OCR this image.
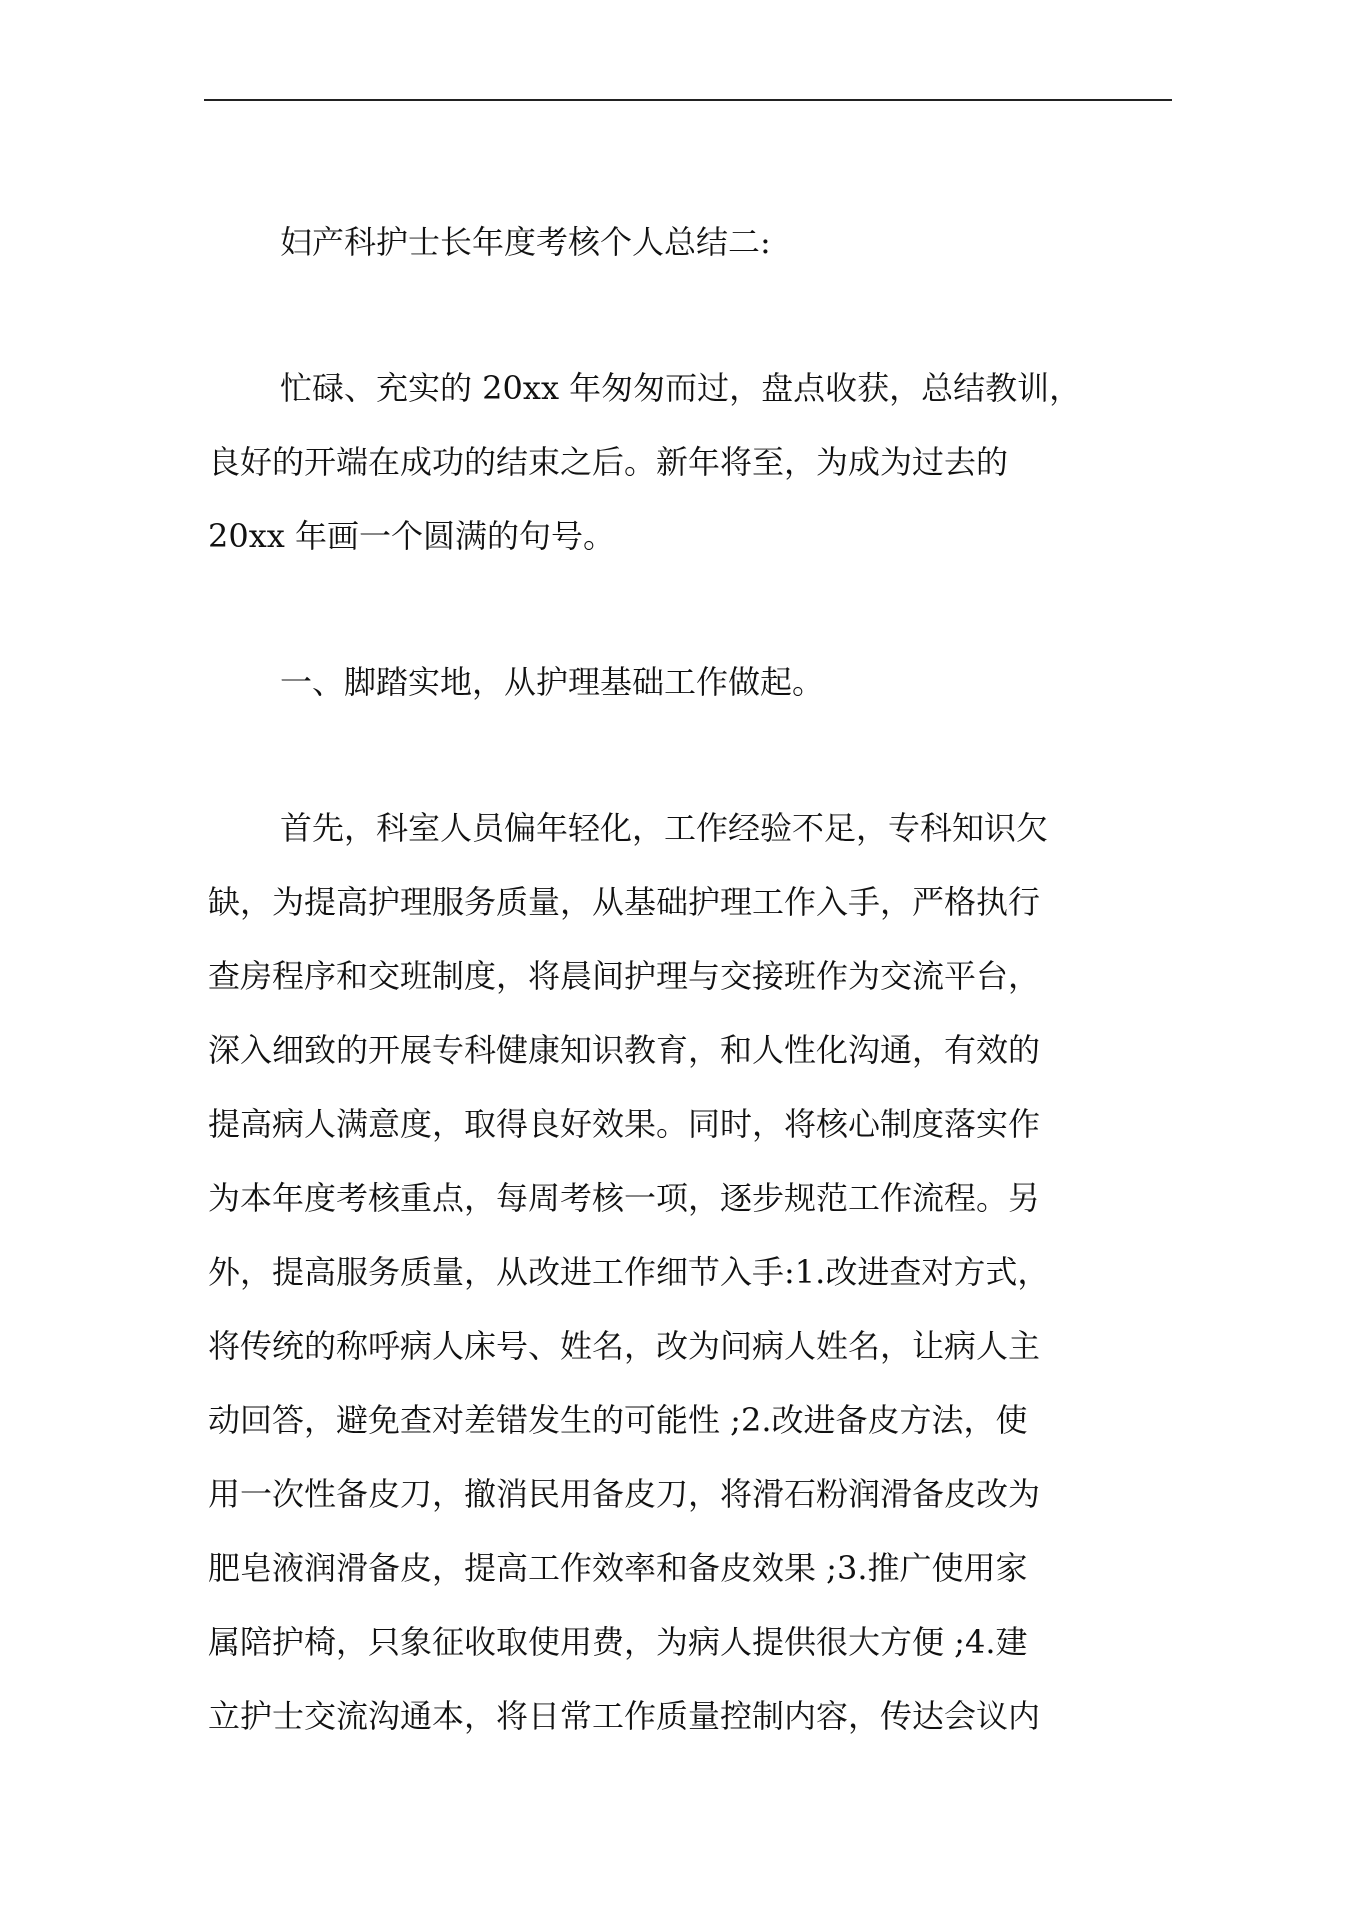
妇产科护士长年度考核个人总结二:
忙碌、充实的 20xx 年匆匆而过，盘点收获，总结教训，
良好的开端在成功的结束之后。新年将至，为成为过去的
20xx 年画一个圆满的句号。
一、脚踏实地，从护理基础工作做起。
首先，科室人员偏年轻化，工作经验不足，专科知识欠
缺，为提高护理服务质量，从基础护理工作入手，严格执行
查房程序和交班制度，将晨间护理与交接班作为交流平台，
深入细致的开展专科健康知识教育，和人性化沟通，有效的
提高病人满意度，取得良好效果。同时，将核心制度落实作
为本年度考核重点，每周考核一项，逐步规范工作流程。另
外，提高服务质量，从改进工作细节入手:1.改进查对方式，
将传统的称呼病人床号、姓名，改为问病人姓名，让病人主
动回答，避免查对差错发生的可能性 ;2.改进备皮方法，使
用一次性备皮刀，撤消民用备皮刀，将滑石粉润滑备皮改为
肥皂液润滑备皮，提高工作效率和备皮效果 ;3.推广使用家
属陪护椅，只象征收取使用费，为病人提供很大方便 ;4.建
立护士交流沟通本，将日常工作质量控制内容，传达会议内
